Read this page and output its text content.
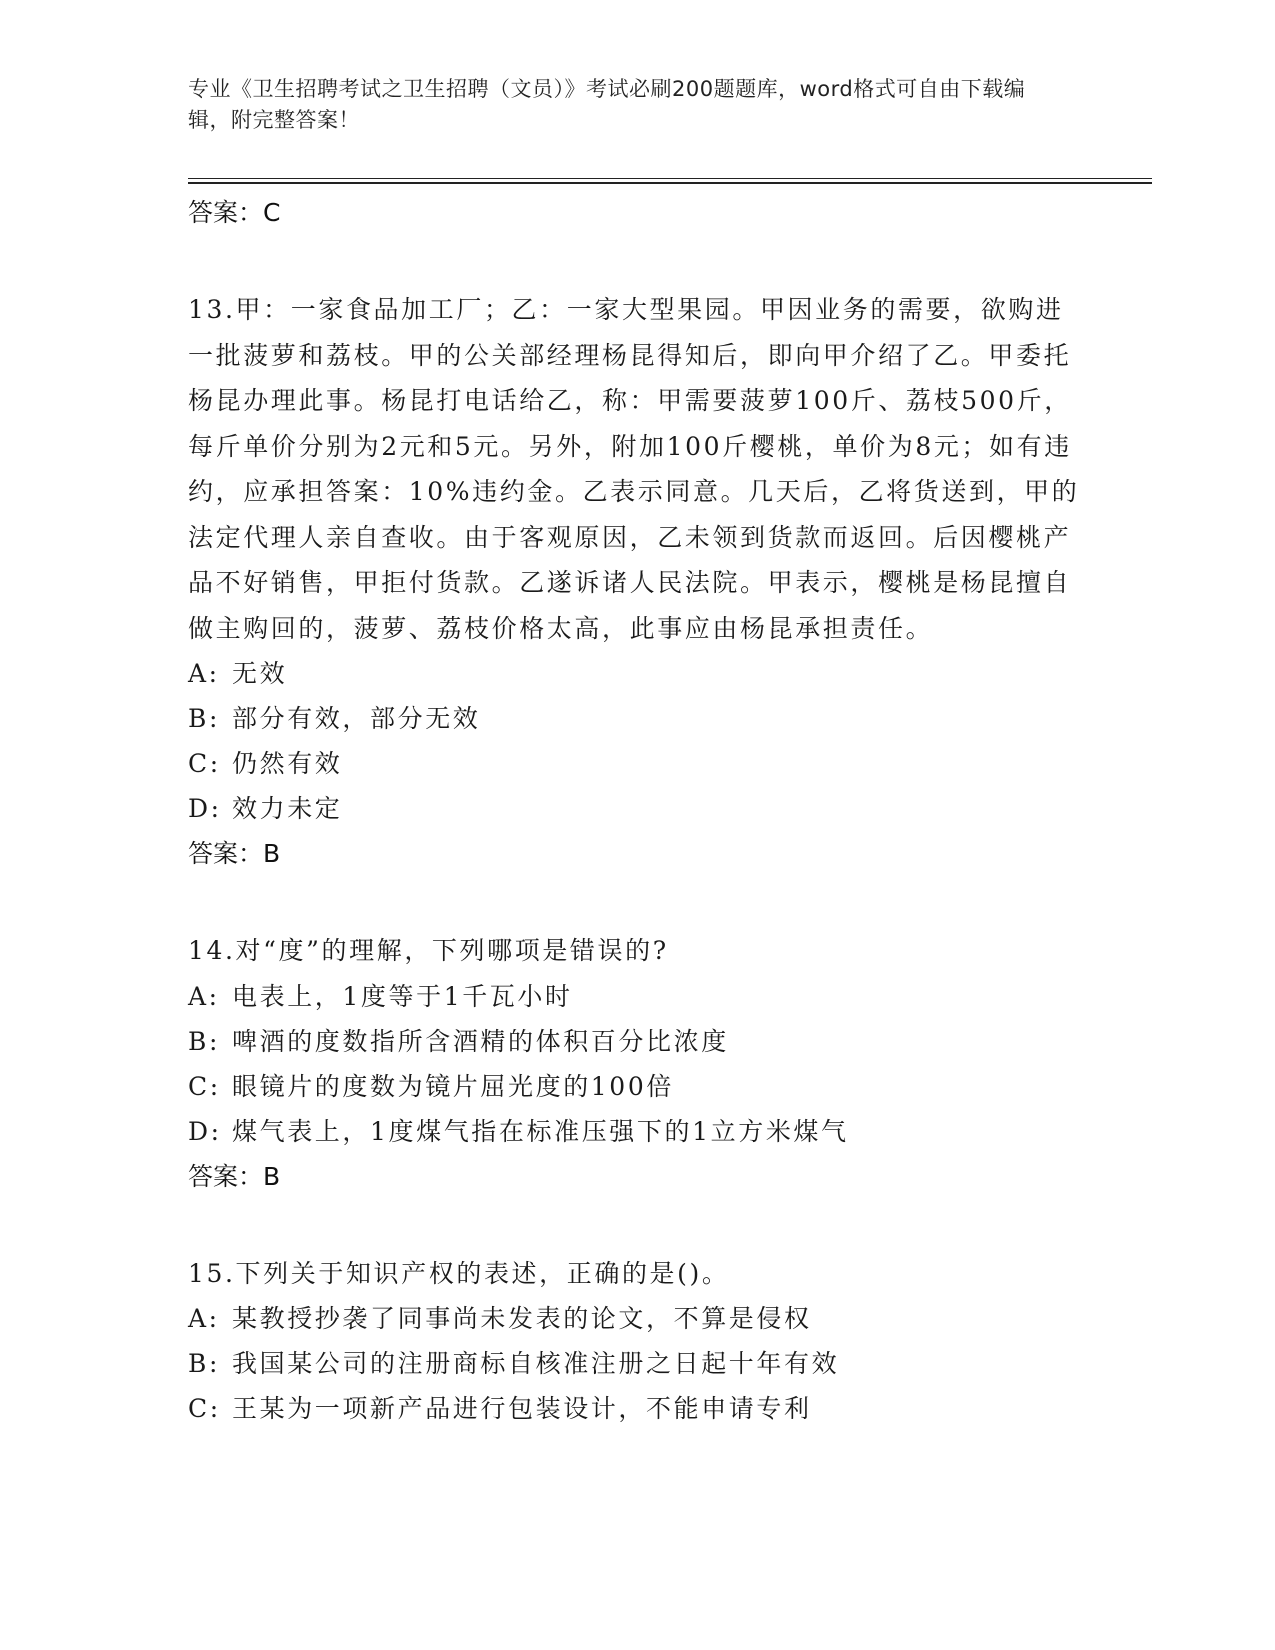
专业《卫生招聘考试之卫生招聘（文员）》考试必刷200题题库，word格式可自由下载编辑，附完整答案！
答案：C

13.甲：一家食品加工厂；乙：一家大型果园。甲因业务的需要，欲购进一批菠萝和荔枝。甲的公关部经理杨昆得知后，即向甲介绍了乙。甲委托杨昆办理此事。杨昆打电话给乙，称：甲需要菠萝100斤、荔枝500斤，每斤单价分别为2元和5元。另外，附加100斤樱桃，单价为8元；如有违约，应承担答案：10%违约金。乙表示同意。几天后，乙将货送到，甲的法定代理人亲自查收。由于客观原因，乙未领到货款而返回。后因樱桃产品不好销售，甲拒付货款。乙遂诉诸人民法院。甲表示，樱桃是杨昆擅自做主购回的，菠萝、荔枝价格太高，此事应由杨昆承担责任。

A: 无效
B: 部分有效，部分无效
C: 仍然有效
D: 效力未定
答案：B

14.对“度”的理解，下列哪项是错误的?

A: 电表上，1度等于1千瓦小时
B: 啤酒的度数指所含酒精的体积百分比浓度
C: 眼镜片的度数为镜片屈光度的100倍
D: 煤气表上，1度煤气指在标准压强下的1立方米煤气
答案：B

15.下列关于知识产权的表述，正确的是()。

A: 某教授抄袭了同事尚未发表的论文，不算是侵权
B: 我国某公司的注册商标自核准注册之日起十年有效
C: 王某为一项新产品进行包装设计，不能申请专利
